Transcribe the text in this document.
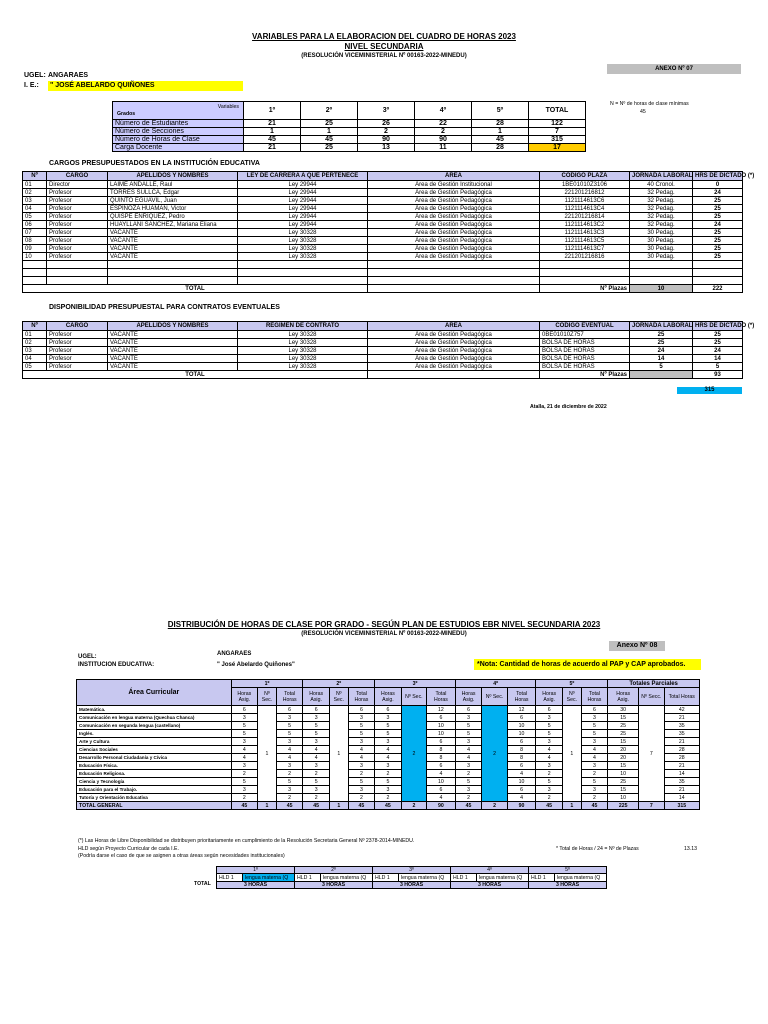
VARIABLES PARA LA ELABORACION DEL CUADRO DE HORAS 2023
NIVEL SECUNDARIA
(RESOLUCIÓN VICEMINISTERIAL Nº 00163-2022-MINEDU)
ANEXO Nº 07
UGEL: ANGARAES
I. E.: " JOSÉ ABELARDO QUIÑONES
N = Nº de horas de clase mínimas
45
Variables
Grados	1º	2º	3º	4º	5º	TOTAL
Número de Estudiantes	21	25	26	22	28	122
Número de Secciones	1	1	2	2	1	7
Número de Horas de Clase	45	45	90	90	45	315
Carga Docente	21	25	13	11	28	17
CARGOS PRESUPUESTADOS EN LA INSTITUCIÓN EDUCATIVA
Nº	CARGO	APELLIDOS Y NOMBRES	LEY DE CARRERA A QUE PERTENECE	ÁREA	CÓDIGO PLAZA	JORNADA LABORAL	HRS DE DICTADO (*)
01	Director	LAIME ANDALLE, Raul	Ley 29944	Área de Gestión Institucional	1BE01010Z3106	40 Cronol.	0
02	Profesor	TORRES SULLCA, Edgar	Ley 29944	Área de Gestión Pedagógica	221201216812	32 Pedag.	24
03	Profesor	QUINTO EGUAVIL, Juan	Ley 29944	Área de Gestión Pedagógica	1121114613C6	32 Pedag.	25
04	Profesor	ESPINOZA HUAMAN, Victor	Ley 29944	Área de Gestión Pedagógica	1121114613C4	32 Pedag.	25
05	Profesor	QUISPE ENRIQUEZ, Pedro	Ley 29944	Área de Gestión Pedagógica	221201216814	32 Pedag.	25
06	Profesor	HUAYLLANI SANCHEZ, Mariana Eliana	Ley 29944	Área de Gestión Pedagógica	1121114613C2	32 Pedag.	24
07	Profesor	VACANTE	Ley 30328	Área de Gestión Pedagógica	1121114613C3	30 Pedag.	25
08	Profesor	VACANTE	Ley 30328	Área de Gestión Pedagógica	1121114613C5	30 Pedag.	25
09	Profesor	VACANTE	Ley 30328	Área de Gestión Pedagógica	1121114613C7	30 Pedag.	25
10	Profesor	VACANTE	Ley 30328	Área de Gestión Pedagógica	221201216816	30 Pedag.	25

TOTAL					Nº Plazas	10	222
DISPONIBILIDAD PRESUPUESTAL PARA CONTRATOS EVENTUALES
Nº	CARGO	APELLIDOS Y NOMBRES	RÉGIMEN DE CONTRATO	AREA	CÓDIGO EVENTUAL	JORNADA LABORAL	HRS DE DICTADO (*)
01	Profesor	VACANTE	Ley 30328	Área de Gestión Pedagógica	0BE01010Z757	25	25
02	Profesor	VACANTE	Ley 30328	Área de Gestión Pedagógica	BOLSA DE HORAS	25	25
03	Profesor	VACANTE	Ley 30328	Área de Gestión Pedagógica	BOLSA DE HORAS	24	24
04	Profesor	VACANTE	Ley 30328	Área de Gestión Pedagógica	BOLSA DE HORAS	14	14
05	Profesor	VACANTE	Ley 30328	Área de Gestión Pedagógica	BOLSA DE HORAS	5	5
TOTAL					Nº Plazas		93
315
Atalla, 21 de diciembre de 2022
DISTRIBUCIÓN DE HORAS DE CLASE POR GRADO - SEGÚN PLAN DE ESTUDIOS EBR NIVEL SECUNDARIA 2023
(RESOLUCIÓN VICEMINISTERIAL Nº 00163-2022-MINEDU)
Anexo Nº 08
UGEL:	ANGARAES
INSTITUCION EDUCATIVA:	" José Abelardo Quiñones"	*Nota: Cantidad de horas de acuerdo al PAP y CAP aprobados.
Área Curricular	1º			2º			3º			4º			5º			Totales Parciales		
	Horas Asig.	Nº Sec.	Total Horas	Horas Asig.	Nº Sec.	Total Horas	Horas Asig.	Nº Sec.	Total Horas	Horas Asig.	Nº Sec.	Total Horas	Horas Asig.	Nº Sec.	Total Horas	Horas Asig.	Nº Secc.	Total Horas
Matemática.	6	1	6	6	1	6	6	2	12	6	2	12	6	1	6	30	7	42
Comunicación en lengua materna (Quechua Chanca)	3		3	3		3	3		6	3		6	3		3	15		21
Comunicación en segunda lengua (castellano)	5		5	5		5	5		10	5		10	5		5	25		35
Inglés.	5		5	5		5	5		10	5		10	5		5	25		35
Arte y Cultura	3		3	3		3	3		6	3		6	3		3	15		21
Ciencias Sociales	4		4	4		4	4		8	4		8	4		4	20		28
Desarrollo Personal Ciudadanía y Cívica	4		4	4		4	4		8	4		8	4		4	20		28
Educación Física.	3		3	3		3	3		6	3		6	3		3	15		21
Educación Religiosa.	2		2	2		2	2		4	2		4	2		2	10		14
Ciencia y Tecnología	5		5	5		5	5		10	5		10	5		5	25		35
Educación para el Trabajo.	3		3	3		3	3		6	3		6	3		3	15		21
Tutoría y Orientación Educativa	2		2	2		2	2		4	2		4	2		2	10		14
TOTAL GENERAL	45	1	45	45	1	45	45	2	90	45	2	90	45	1	45	225	7	315
(*) Las Horas de Libre Disponibilidad se distribuyen prioritariamente en cumplimiento de la Resolución Secretaria General Nº 2378-2014-MINEDU.
HLD según Proyecto Curricular de cada I.E.
(Podría darse el caso de que se asignen a otras áreas según necesidades institucionales)
* Total de Horas / 24 = Nº de Plazas	13.13
1º		2º		3º		4º		5º	
HLD 1	lengua materna (Q	HLD 1	lengua materna (Q	HLD 1	lengua materna (Q	HLD 1	lengua materna (Q	HLD 1	lengua materna (Q
3 HORAS		3 HORAS		3 HORAS		3 HORAS		3 HORAS	
TOTAL
